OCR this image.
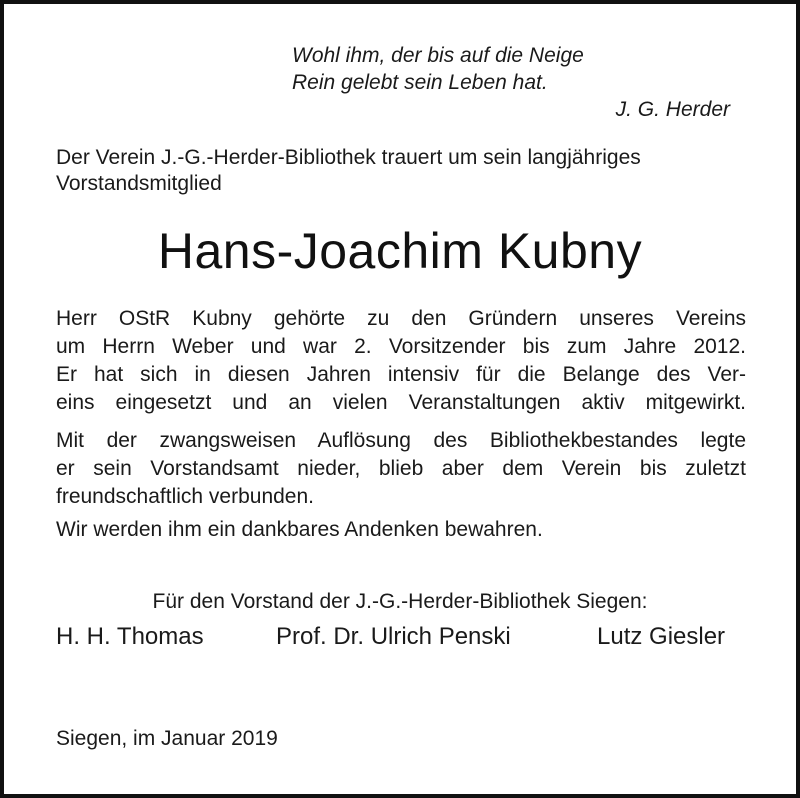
Wohl ihm, der bis auf die Neige
Rein gelebt sein Leben hat.
J. G. Herder
Der Verein J.-G.-Herder-Bibliothek trauert um sein langjähriges
Vorstandsmitglied
Hans-Joachim Kubny
Herr OStR Kubny gehörte zu den Gründern unseres Vereins
um Herrn Weber und war 2. Vorsitzender bis zum Jahre 2012.
Er hat sich in diesen Jahren intensiv für die Belange des Ver-
eins eingesetzt und an vielen Veranstaltungen aktiv mitgewirkt.
Mit der zwangsweisen Auflösung des Bibliothekbestandes legte
er sein Vorstandsamt nieder, blieb aber dem Verein bis zuletzt
freundschaftlich verbunden.
Wir werden ihm ein dankbares Andenken bewahren.
Für den Vorstand der J.-G.-Herder-Bibliothek Siegen:
H. H. Thomas	Prof. Dr. Ulrich Penski	Lutz Giesler
Siegen, im Januar 2019
